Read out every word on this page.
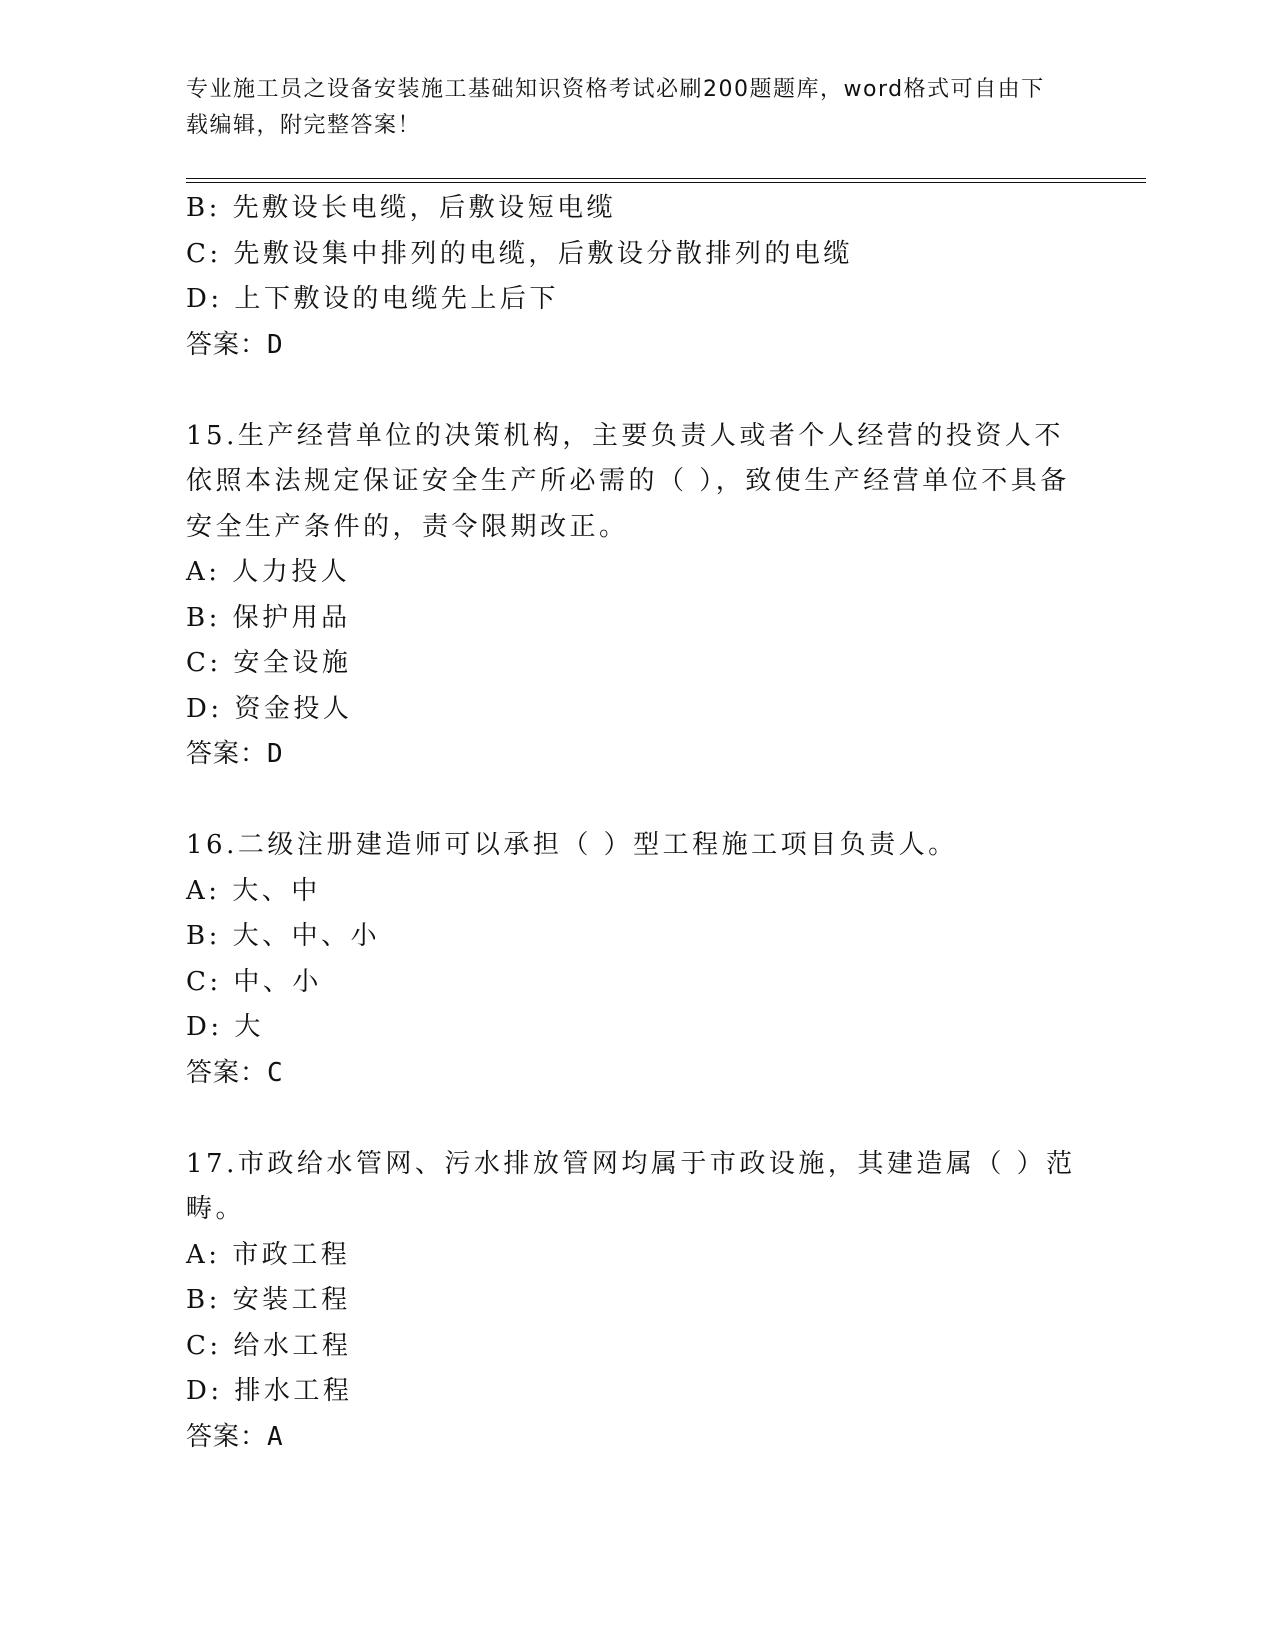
专业施工员之设备安装施工基础知识资格考试必刷200题题库，word格式可自由下载编辑，附完整答案！
B: 先敷设长电缆，后敷设短电缆
C: 先敷设集中排列的电缆，后敷设分散排列的电缆
D: 上下敷设的电缆先上后下
答案：D
15.生产经营单位的决策机构，主要负责人或者个人经营的投资人不依照本法规定保证安全生产所必需的（ ），致使生产经营单位不具备安全生产条件的，责令限期改正。
A: 人力投人
B: 保护用品
C: 安全设施
D: 资金投人
答案：D
16.二级注册建造师可以承担（ ）型工程施工项目负责人。
A: 大、中
B: 大、中、小
C: 中、小
D: 大
答案：C
17.市政给水管网、污水排放管网均属于市政设施，其建造属（ ）范畴。
A: 市政工程
B: 安装工程
C: 给水工程
D: 排水工程
答案：A
